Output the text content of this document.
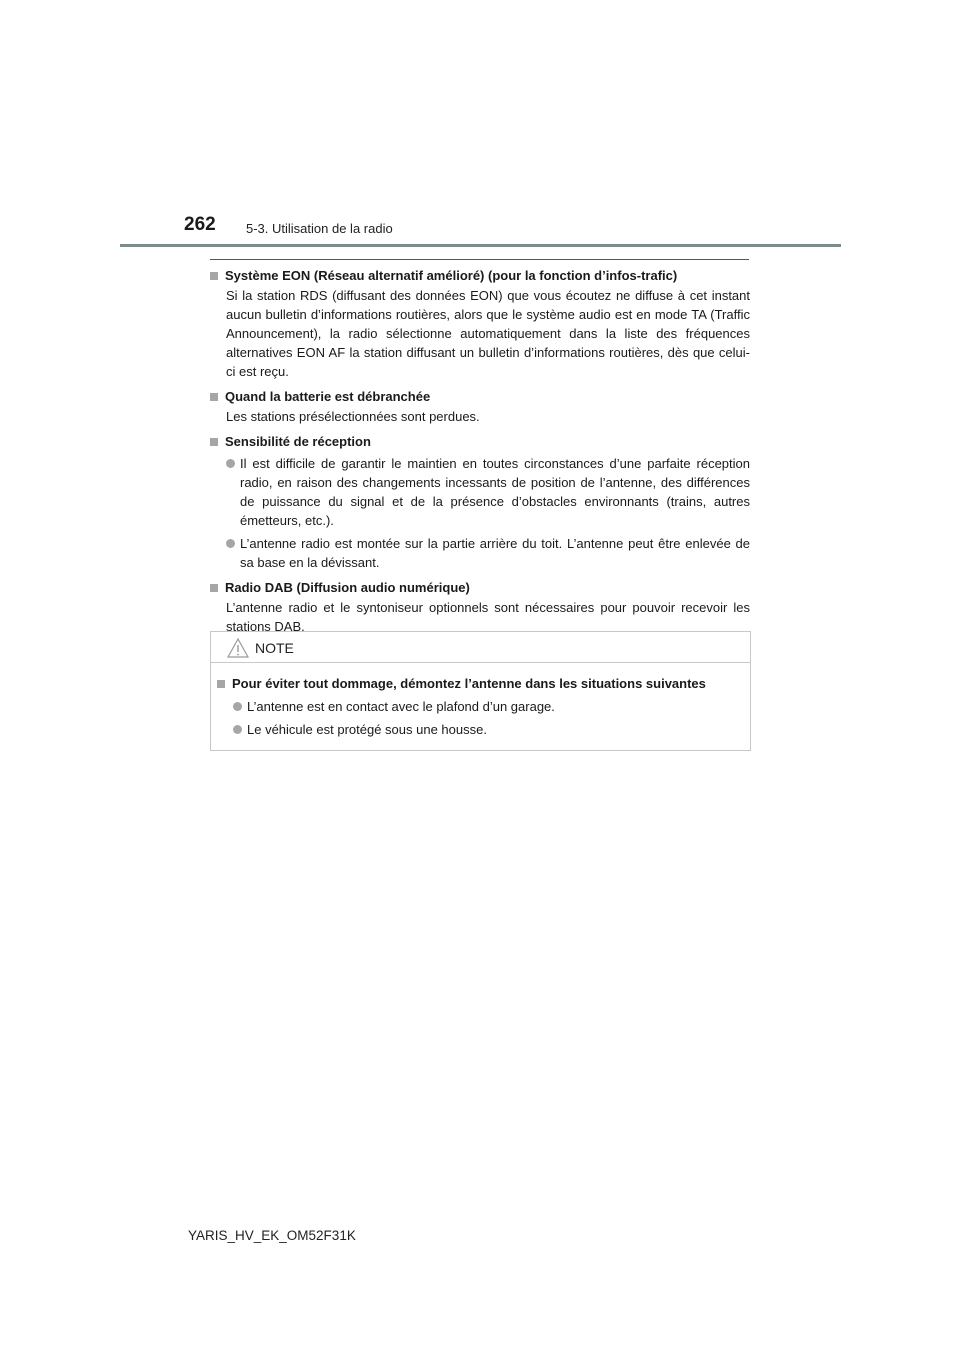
262 5-3. Utilisation de la radio
Système EON (Réseau alternatif amélioré) (pour la fonction d’infos-trafic)
Si la station RDS (diffusant des données EON) que vous écoutez ne diffuse à cet instant aucun bulletin d’informations routières, alors que le système audio est en mode TA (Traffic Announcement), la radio sélectionne automatiquement dans la liste des fréquences alternatives EON AF la station diffusant un bulletin d’informations routières, dès que celui-ci est reçu.
Quand la batterie est débranchée
Les stations présélectionnées sont perdues.
Sensibilité de réception
Il est difficile de garantir le maintien en toutes circonstances d’une parfaite réception radio, en raison des changements incessants de position de l’antenne, des différences de puissance du signal et de la présence d’obstacles environnants (trains, autres émetteurs, etc.).
L’antenne radio est montée sur la partie arrière du toit. L’antenne peut être enlevée de sa base en la dévissant.
Radio DAB (Diffusion audio numérique)
L’antenne radio et le syntoniseur optionnels sont nécessaires pour pouvoir recevoir les stations DAB.
NOTE
Pour éviter tout dommage, démontez l’antenne dans les situations suivantes
L’antenne est en contact avec le plafond d’un garage.
Le véhicule est protégé sous une housse.
YARIS_HV_EK_OM52F31K
